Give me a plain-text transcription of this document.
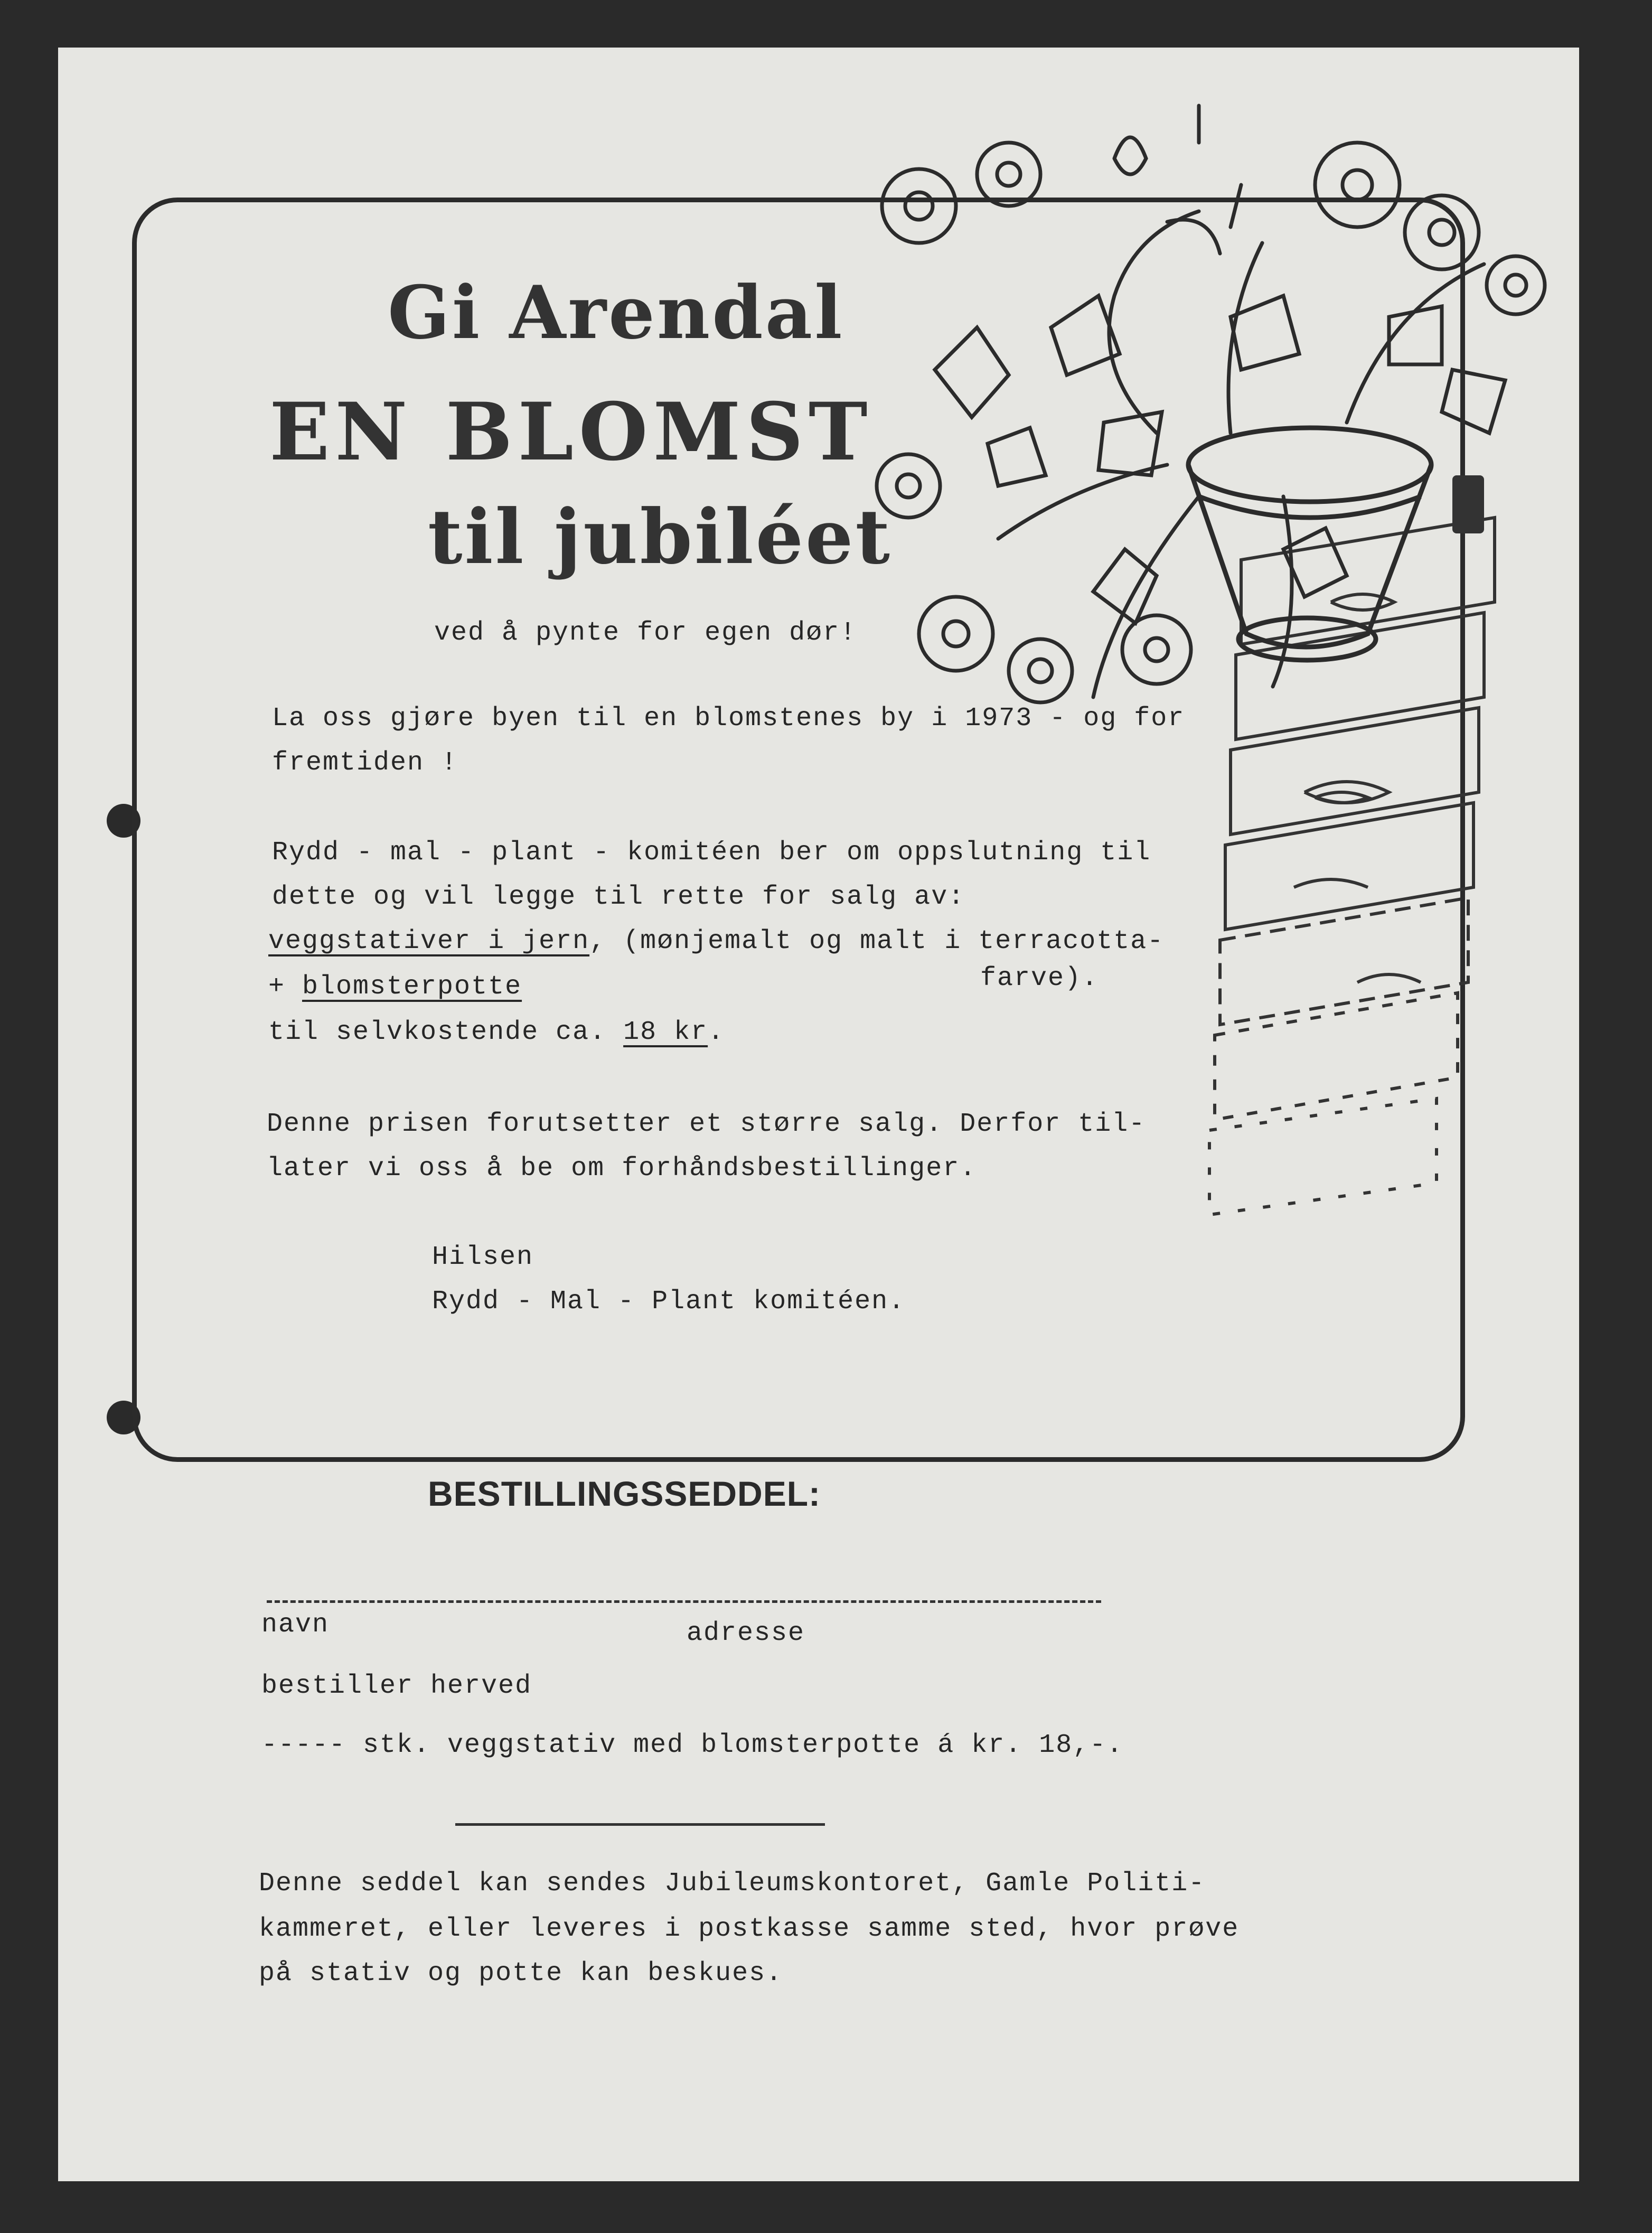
Gi Arendal
EN BLOMST
til jubiléet
ved å pynte for egen dør!
La oss gjøre byen til en blomstenes by i 1973 - og for
fremtiden !
Rydd - mal - plant - komitéen ber om oppslutning til
dette og vil legge til rette for salg av:
veggstativer i jern, (mønjemalt og malt i terracotta-
+ blomsterpotte	farve).
til selvkostende ca. 18 kr.
Denne prisen forutsetter et større salg. Derfor til-
later vi oss å be om forhåndsbestillinger.
Hilsen
Rydd - Mal - Plant komitéen.
BESTILLINGSSEDDEL:
navn	adresse
bestiller herved
----- stk. veggstativ med blomsterpotte á kr. 18,-.
Denne seddel kan sendes Jubileumskontoret, Gamle Politi-
kammeret, eller leveres i postkasse samme sted, hvor prøve
på stativ og potte kan beskues.
